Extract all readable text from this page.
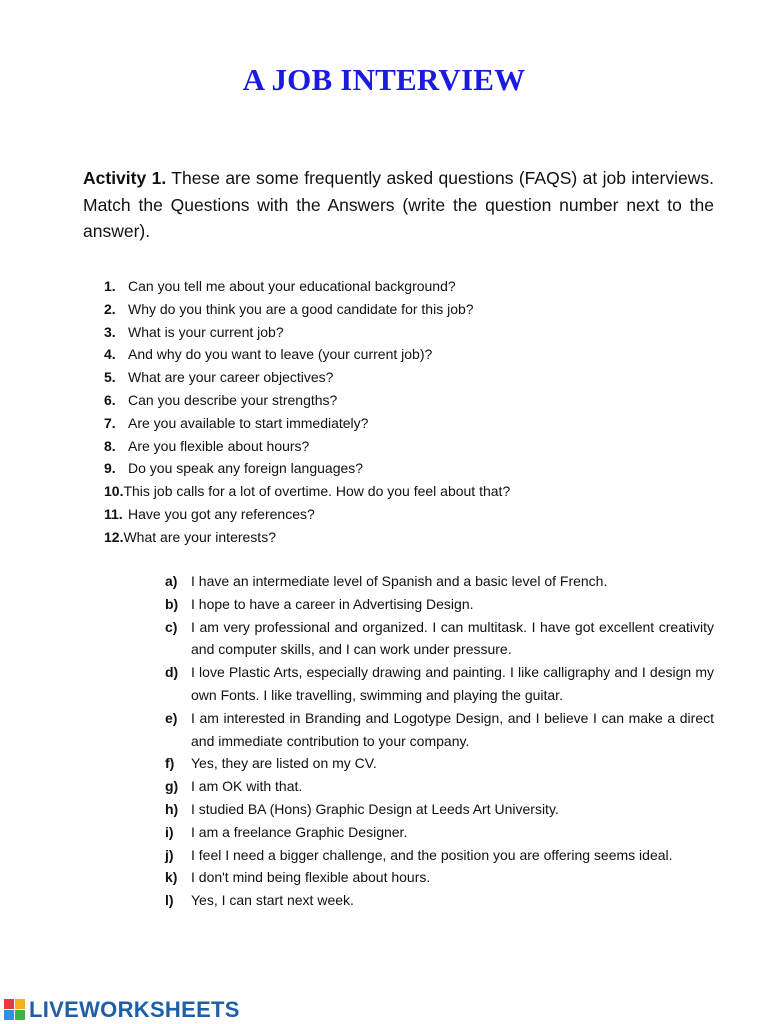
A JOB INTERVIEW
Activity 1. These are some frequently asked questions (FAQS) at job interviews. Match the Questions with the Answers (write the question number next to the answer).
1. Can you tell me about your educational background?
2. Why do you think you are a good candidate for this job?
3. What is your current job?
4. And why do you want to leave (your current job)?
5. What are your career objectives?
6. Can you describe your strengths?
7. Are you available to start immediately?
8. Are you flexible about hours?
9. Do you speak any foreign languages?
10.This job calls for a lot of overtime. How do you feel about that?
11. Have you got any references?
12.What are your interests?
a) I have an intermediate level of Spanish and a basic level of French.
b) I hope to have a career in Advertising Design.
c) I am very professional and organized. I can multitask. I have got excellent creativity and computer skills, and I can work under pressure.
d) I love Plastic Arts, especially drawing and painting. I like calligraphy and I design my own Fonts. I like travelling, swimming and playing the guitar.
e) I am interested in Branding and Logotype Design, and I believe I can make a direct and immediate contribution to your company.
f)	Yes, they are listed on my CV.
g) I am OK with that.
h) I studied BA (Hons) Graphic Design at Leeds Art University.
i)	I am a freelance Graphic Designer.
j)	I feel I need a bigger challenge, and the position you are offering seems ideal.
k) I don't mind being flexible about hours.
l)	Yes, I can start next week.
LIVEWORKSHEETS
